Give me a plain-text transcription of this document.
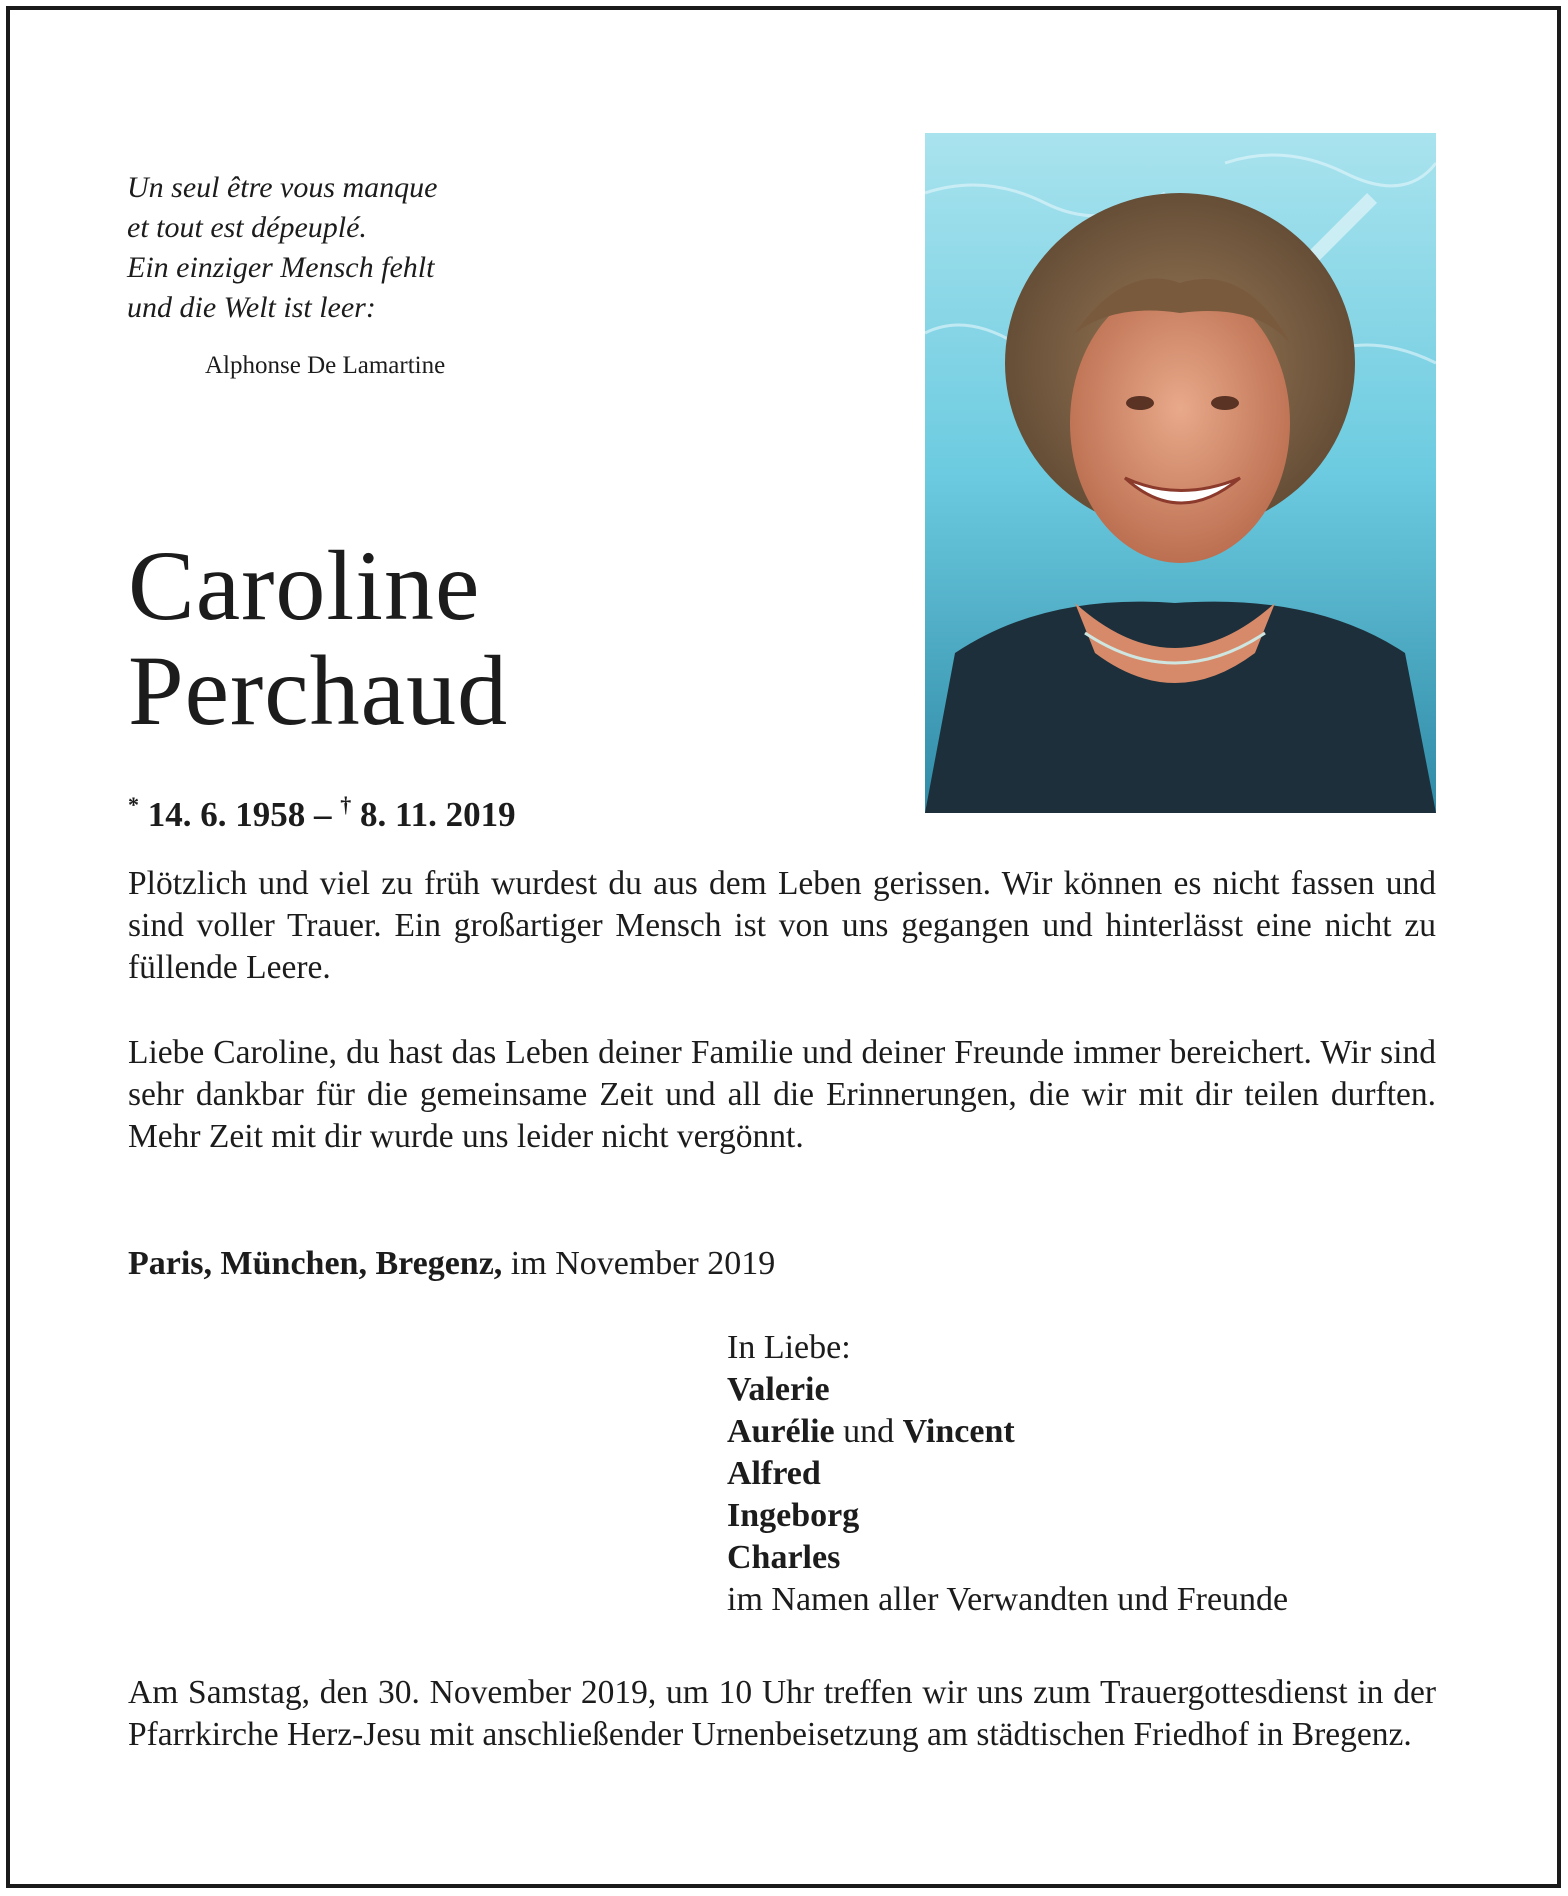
Un seul être vous manque
et tout est dépeuplé.
Ein einziger Mensch fehlt
und die Welt ist leer:
Alphonse De Lamartine
Caroline
Perchaud
* 14. 6. 1958 – † 8. 11. 2019
Plötzlich und viel zu früh wurdest du aus dem Leben gerissen. Wir können es nicht fassen und sind voller Trauer. Ein großartiger Mensch ist von uns gegangen und hinterlässt eine nicht zu füllende Leere.
Liebe Caroline, du hast das Leben deiner Familie und deiner Freunde immer bereichert. Wir sind sehr dankbar für die gemeinsame Zeit und all die Erinnerungen, die wir mit dir teilen durften. Mehr Zeit mit dir wurde uns leider nicht vergönnt.
Paris, München, Bregenz, im November 2019
In Liebe:
Valerie
Aurélie und Vincent
Alfred
Ingeborg
Charles
im Namen aller Verwandten und Freunde
Am Samstag, den 30. November 2019, um 10 Uhr treffen wir uns zum Trauergottesdienst in der Pfarrkirche Herz-Jesu mit anschließender Urnenbeisetzung am städtischen Friedhof in Bregenz.
